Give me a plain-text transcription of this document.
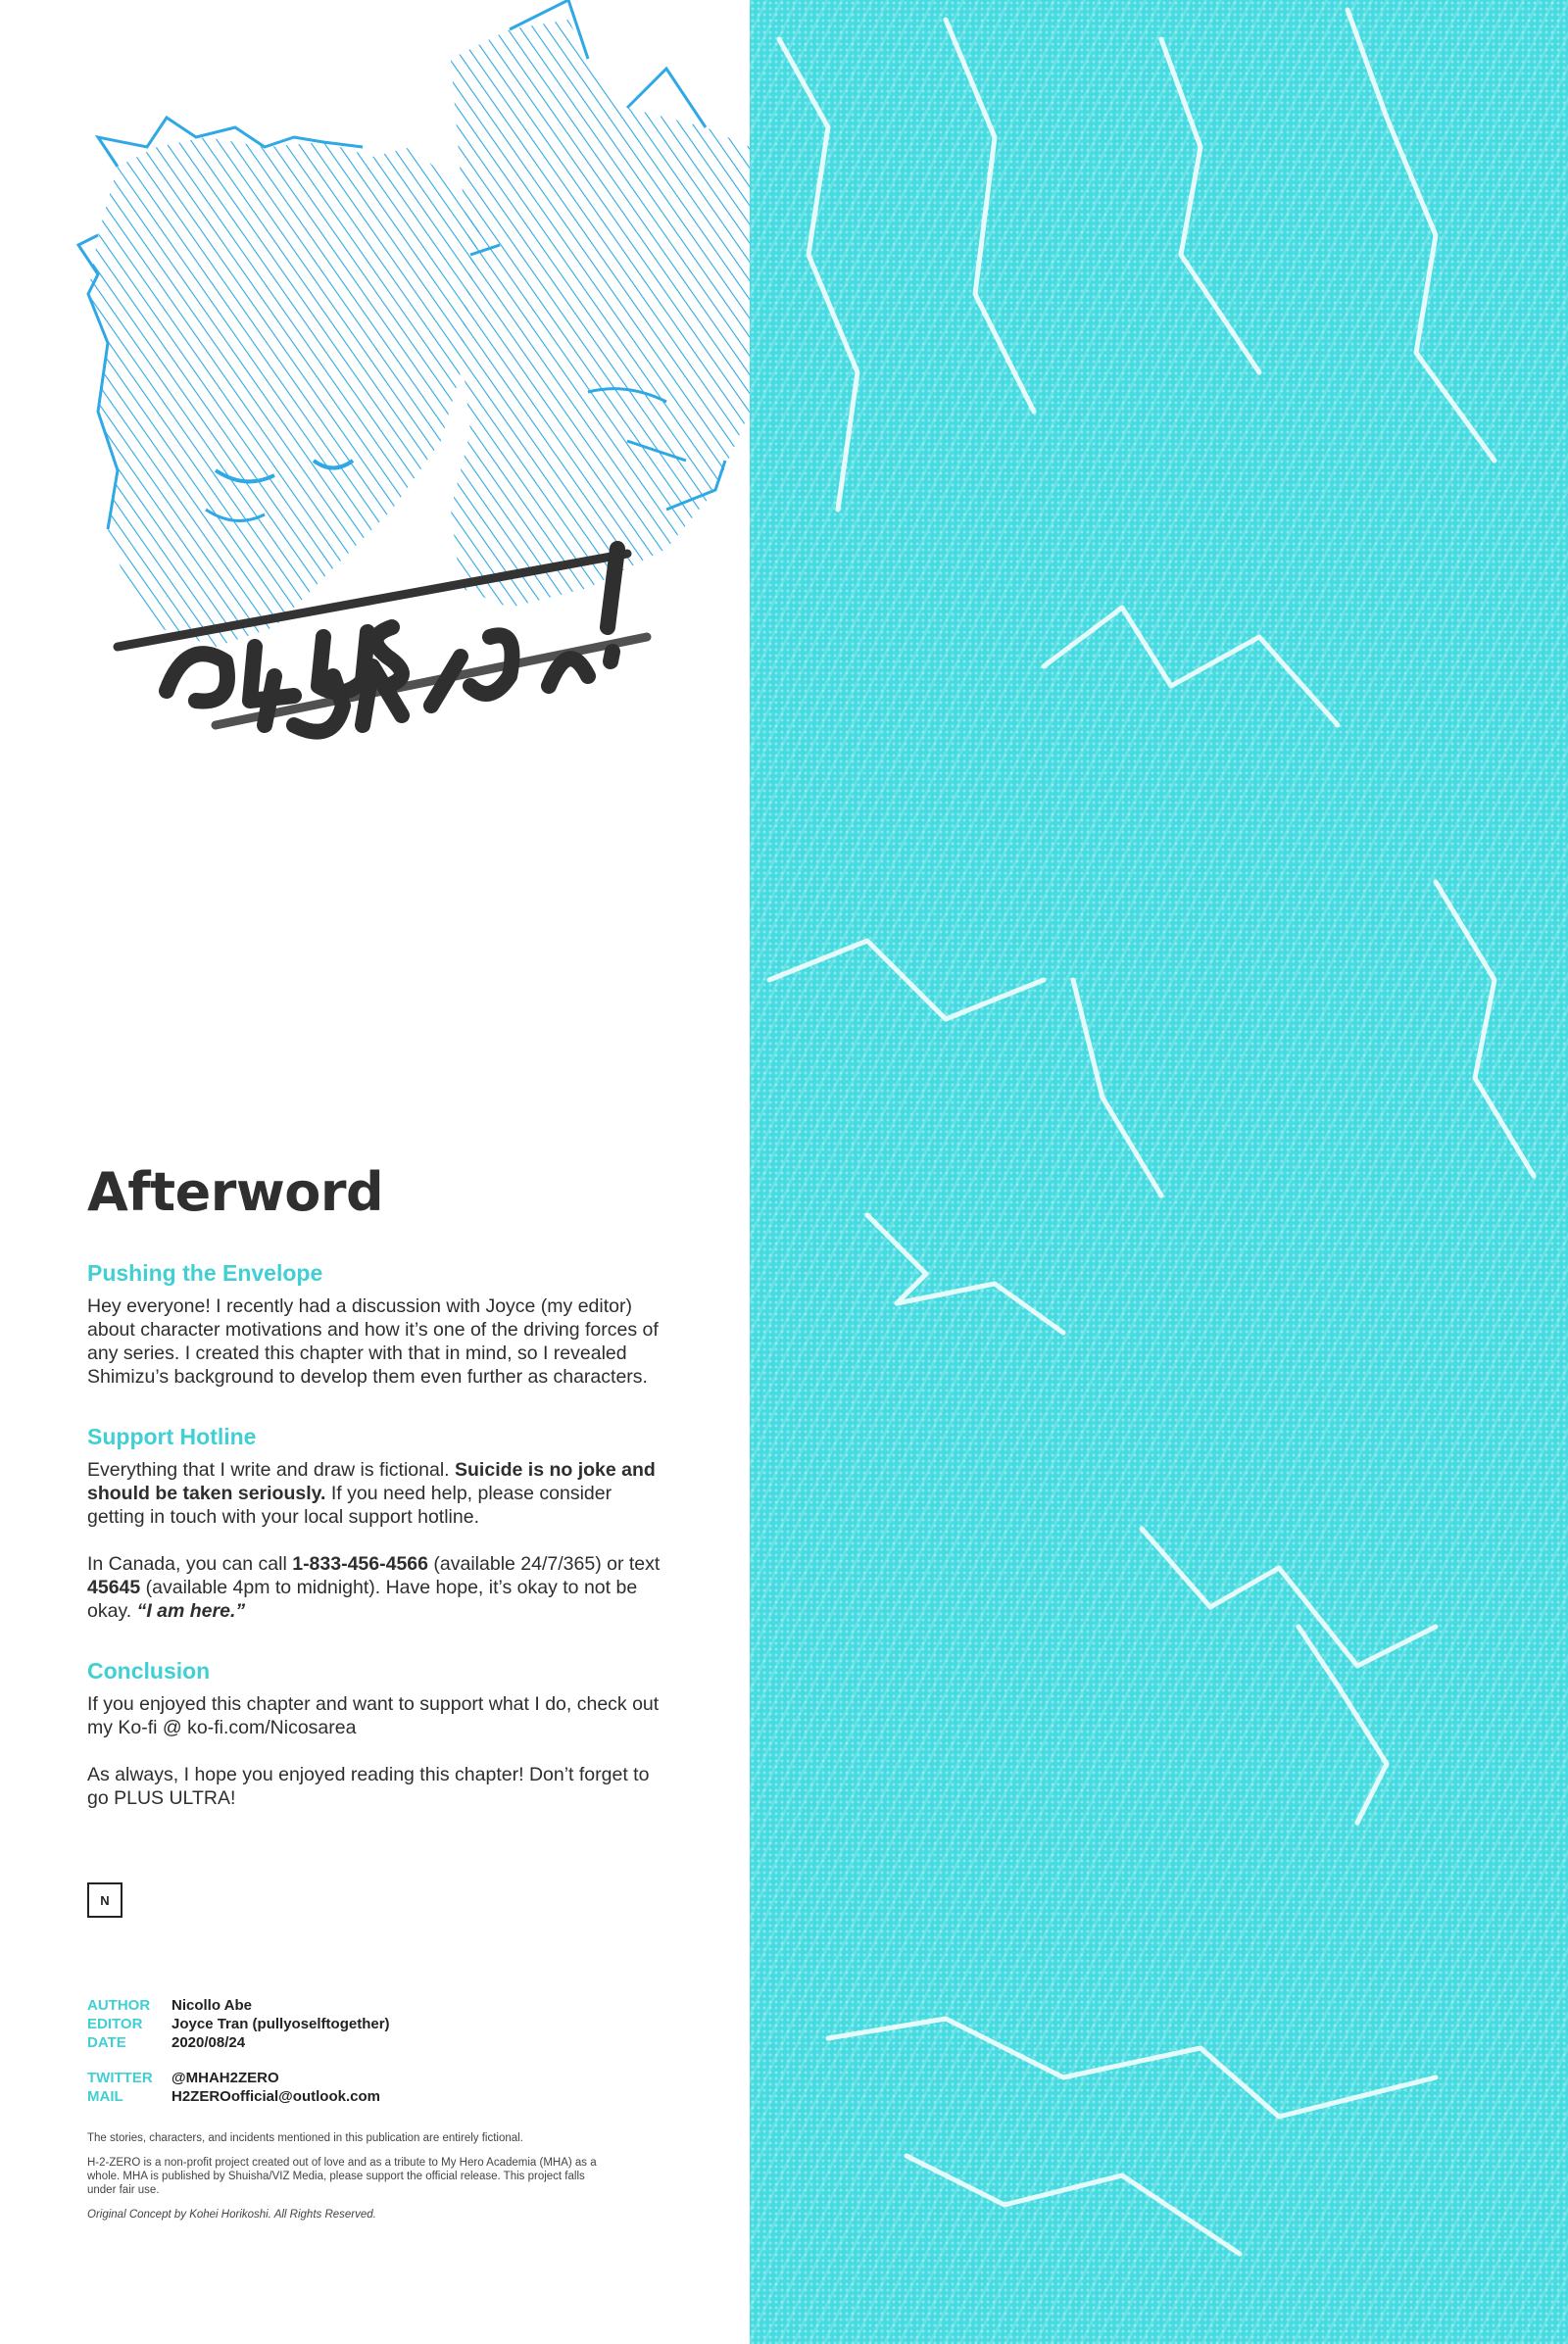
PLUS ULTRA!
Afterword
Pushing the Envelope

Hey everyone! I recently had a discussion with Joyce (my editor) about character motivations and how it’s one of the driving forces of any series. I created this chapter with that in mind, so I revealed Shimizu’s background to develop them even further as characters.

Support Hotline

Everything that I write and draw is fictional. Suicide is no joke and should be taken seriously. If you need help, please consider getting in touch with your local support hotline.

In Canada, you can call 1-833-456-4566 (available 24/7/365) or text 45645 (available 4pm to midnight). Have hope, it’s okay to not be okay. “I am here.”

Conclusion

If you enjoyed this chapter and want to support what I do, check out my Ko-fi @ ko-fi.com/Nicosarea

As always, I hope you enjoyed reading this chapter! Don’t forget to go PLUS ULTRA!

N
AUTHOR	Nicollo Abe
EDITOR	Joyce Tran (pullyoselftogether)
DATE	2020/08/24
TWITTER	@MHAH2ZERO
MAIL	H2ZEROofficial@outlook.com

The stories, characters, and incidents mentioned in this publication are entirely fictional.

H-2-ZERO is a non-profit project created out of love and as a tribute to My Hero Academia (MHA) as a whole. MHA is published by Shuisha/VIZ Media, please support the official release. This project falls under fair use.

Original Concept by Kohei Horikoshi. All Rights Reserved.
